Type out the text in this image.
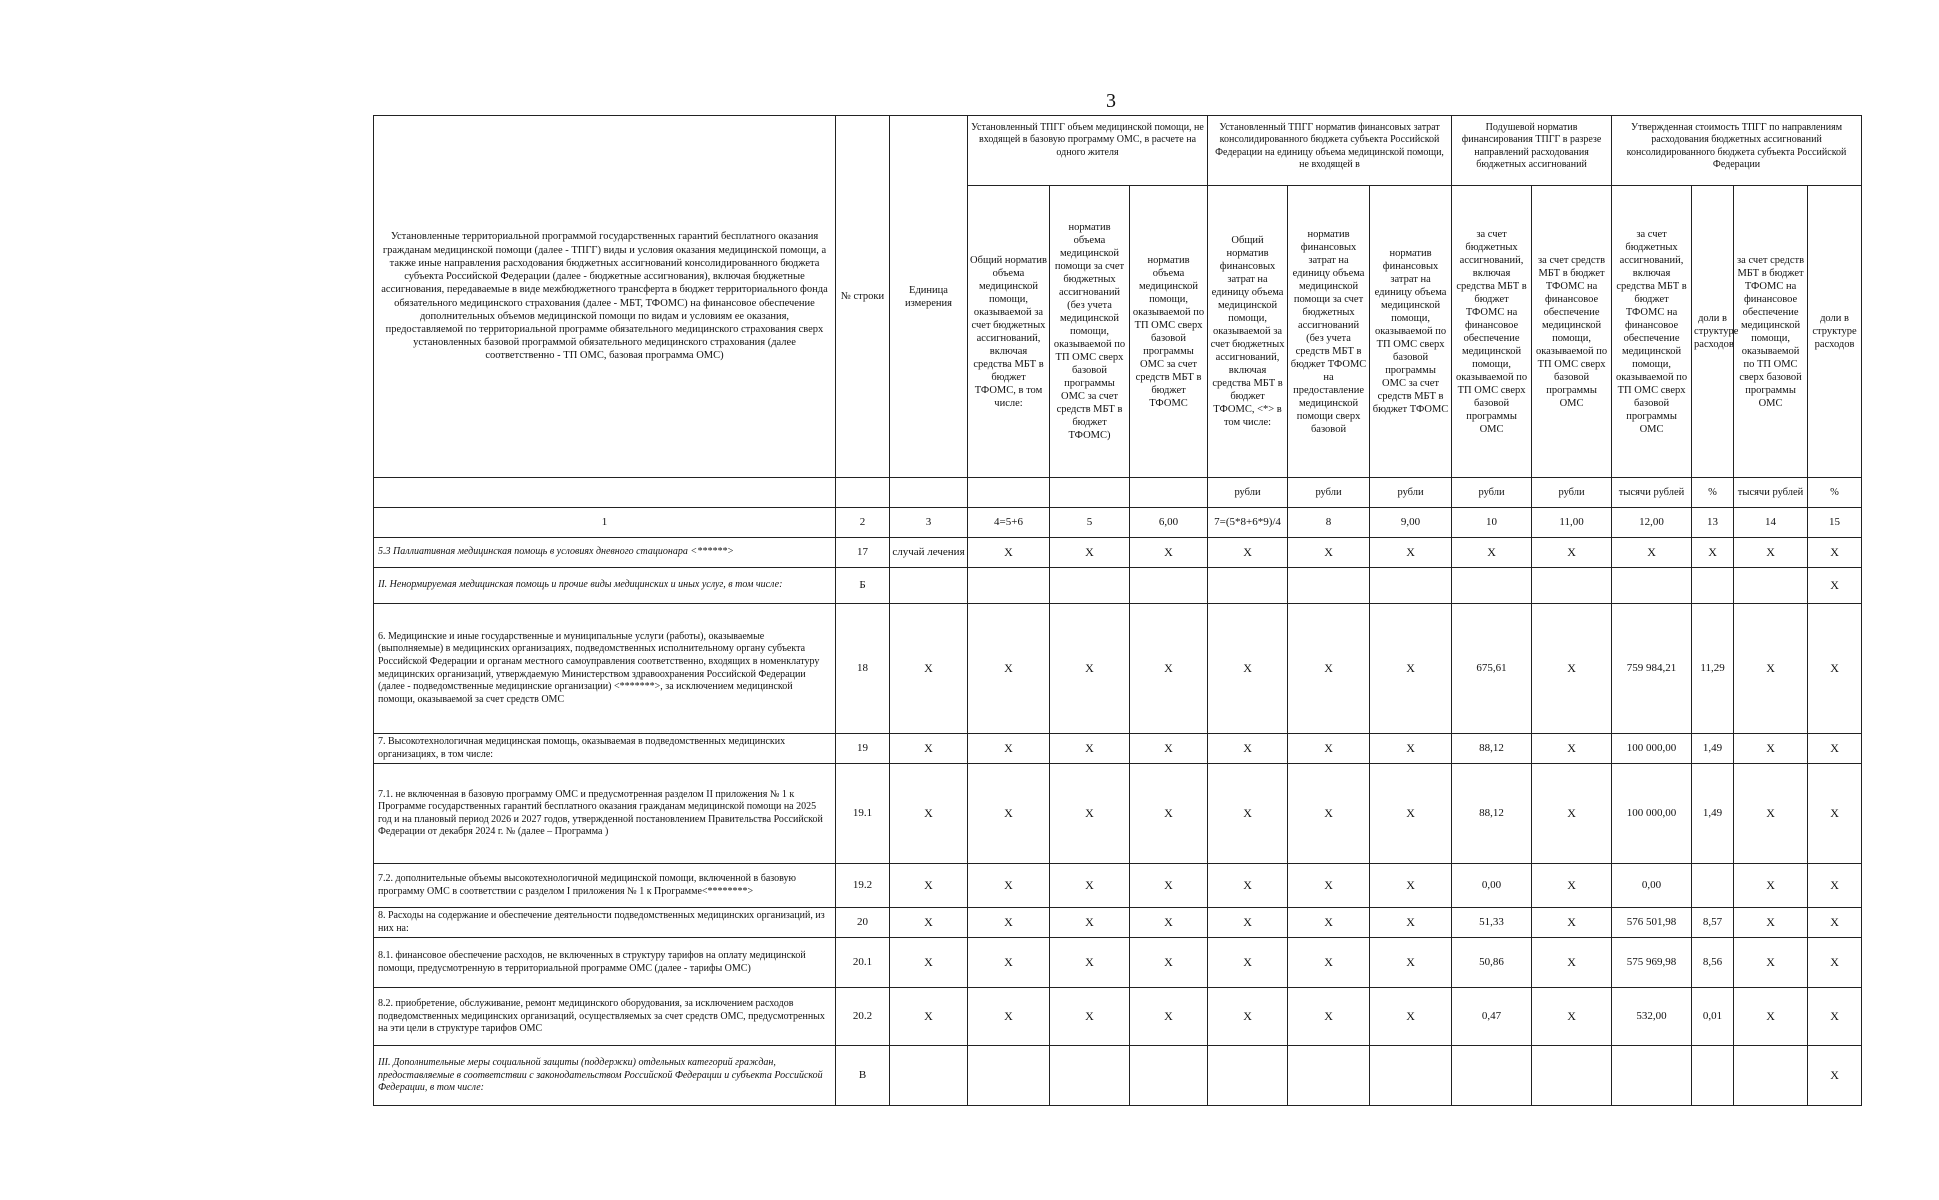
3
Установленные территориальной программой государственных гарантий бесплатного оказания гражданам медицинской помощи (далее - ТПГГ) виды и условия оказания медицинской помощи, а также иные направления расходования бюджетных ассигнований консолидированного бюджета субъекта Российской Федерации (далее - бюджетные ассигнования), включая бюджетные ассигнования, передаваемые в виде межбюджетного трансферта в бюджет территориального фонда обязательного медицинского страхования (далее - МБТ, ТФОМС) на финансовое обеспечение дополнительных объемов медицинской помощи по видам и условиям ее оказания, предоставляемой по территориальной программе обязательного медицинского страхования сверх установленных базовой программой обязательного медицинского страхования (далее соответственно - ТП ОМС, базовая программа ОМС)	№ строки	Единица измерения	Установленный ТПГГ объем медицинской помощи, не входящей в базовую программу ОМС, в расчете на одного жителя			Установленный ТПГГ норматив финансовых затрат консолидированного бюджета субъекта Российской Федерации на единицу объема медицинской помощи, не входящей в			Подушевой норматив финансирования ТПГГ в разрезе направлений расходования бюджетных ассигнований		Утвержденная стоимость ТПГГ по направлениям расходования бюджетных ассигнований консолидированного бюджета субъекта Российской Федерации			
			Общий норматив объема медицинской помощи, оказываемой за счет бюджетных ассигнований, включая средства МБТ в бюджет ТФОМС, в том числе:	норматив объема медицинской помощи за счет бюджетных ассигнований (без учета медицинской помощи, оказываемой по ТП ОМС сверх базовой программы ОМС за счет средств МБТ в бюджет ТФОМС)	норматив объема медицинской помощи, оказываемой по ТП ОМС сверх базовой программы ОМС за счет средств МБТ в бюджет ТФОМС	Общий норматив финансовых затрат на единицу объема медицинской помощи, оказываемой за счет бюджетных ассигнований, включая средства МБТ в бюджет ТФОМС, <*> в том числе:	норматив финансовых затрат на единицу объема медицинской помощи за счет бюджетных ассигнований (без учета средств МБТ в бюджет ТФОМС на предоставление медицинской помощи сверх базовой	норматив финансовых затрат на единицу объема медицинской помощи, оказываемой по ТП ОМС сверх базовой программы ОМС за счет средств МБТ в бюджет ТФОМС	за счет бюджетных ассигнований, включая средства МБТ в бюджет ТФОМС на финансовое обеспечение медицинской помощи, оказываемой по ТП ОМС сверх базовой программы ОМС	за счет средств МБТ в бюджет ТФОМС на финансовое обеспечение медицинской помощи, оказываемой по ТП ОМС сверх базовой программы ОМС	за счет бюджетных ассигнований, включая средства МБТ в бюджет ТФОМС на финансовое обеспечение медицинской помощи, оказываемой по ТП ОМС сверх базовой программы ОМС	доли в структуре расходов	за счет средств МБТ в бюджет ТФОМС на финансовое обеспечение медицинской помощи, оказываемой по ТП ОМС сверх базовой программы ОМС	доли в структуре расходов
						рубли	рубли	рубли	рубли	рубли	тысячи рублей	%	тысячи рублей	%
1	2	3	4=5+6	5	6,00	7=(5*8+6*9)/4	8	9,00	10	11,00	12,00	13	14	15
5.3 Паллиативная медицинская помощь в условиях дневного стационара <******>	17	случай лечения	X	X	X	X	X	X	X	X	X	X	X	X
II. Ненормируемая медицинская помощь и прочие виды медицинских и иных услуг, в том числе:	Б													X
6. Медицинские и иные государственные и муниципальные услуги (работы), оказываемые (выполняемые) в медицинских организациях, подведомственных исполнительному органу субъекта Российской Федерации и органам местного самоуправления соответственно, входящих в номенклатуру медицинских организаций, утверждаемую Министерством здравоохранения Российской Федерации (далее - подведомственные медицинские организации) <*******>, за исключением медицинской помощи, оказываемой за счет средств ОМС	18	X	X	X	X	X	X	X	675,61	X	759 984,21	11,29	X	X
7. Высокотехнологичная медицинская помощь, оказываемая в подведомственных медицинских организациях, в том числе:	19	X	X	X	X	X	X	X	88,12	X	100 000,00	1,49	X	X
7.1. не включенная в базовую программу ОМС и предусмотренная разделом II приложения № 1 к Программе государственных гарантий бесплатного оказания гражданам медицинской помощи на 2025 год и на плановый период 2026 и 2027 годов, утвержденной постановлением Правительства Российской Федерации от декабря 2024 г. № (далее – Программа )	19.1	X	X	X	X	X	X	X	88,12	X	100 000,00	1,49	X	X
7.2. дополнительные объемы высокотехнологичной медицинской помощи, включенной в базовую программу ОМС в соответствии с разделом I приложения № 1 к Программе<********>	19.2	X	X	X	X	X	X	X	0,00	X	0,00		X	X
8. Расходы на содержание и обеспечение деятельности подведомственных медицинских организаций, из них на:	20	X	X	X	X	X	X	X	51,33	X	576 501,98	8,57	X	X
8.1. финансовое обеспечение расходов, не включенных в структуру тарифов на оплату медицинской помощи, предусмотренную в территориальной программе ОМС (далее - тарифы ОМС)	20.1	X	X	X	X	X	X	X	50,86	X	575 969,98	8,56	X	X
8.2. приобретение, обслуживание, ремонт медицинского оборудования, за исключением расходов подведомственных медицинских организаций, осуществляемых за счет средств ОМС, предусмотренных на эти цели в структуре тарифов ОМС	20.2	X	X	X	X	X	X	X	0,47	X	532,00	0,01	X	X
III. Дополнительные меры социальной защиты (поддержки) отдельных категорий граждан, предоставляемые в соответствии с законодательством Российской Федерации и субъекта Российской Федерации, в том числе:	В													X
